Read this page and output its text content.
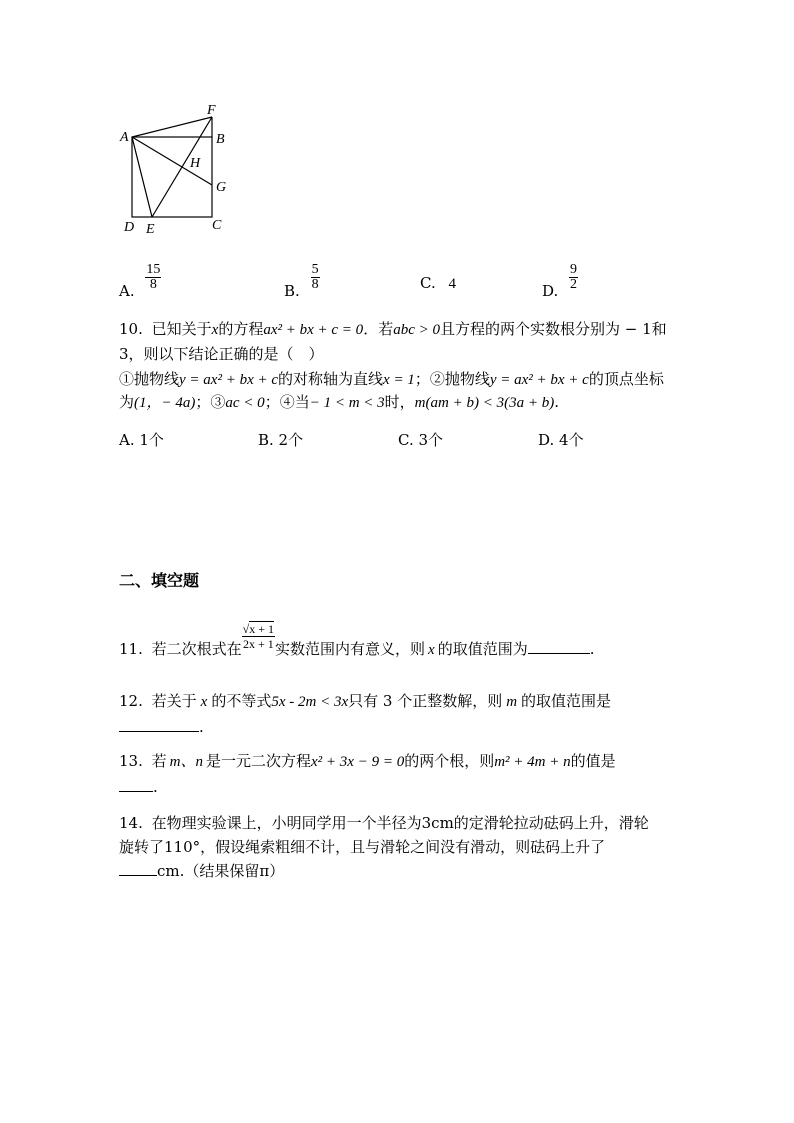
F
A	B
H
G
D E	C
A. $\frac{15}{8}$	B. $\frac{5}{8}$	C. 4	D. $\frac{9}{2}$
10. 已知关于x的方程ax² + bx + c = 0．若abc > 0且方程的两个实数根分别为 − 1和
3，则以下结论正确的是（　）
①抛物线y = ax² + bx + c的对称轴为直线x = 1；②抛物线y = ax² + bx + c的顶点坐标
为(1，− 4a)；③ac < 0；④当− 1 < m < 3时，m(am + b) < 3(3a + b).
A. 1个	B. 2个	C. 3个	D. 4个
二、填空题
11. 若二次根式在 $\frac{√x + 1}{2x + 1}$ 实数范围内有意义，则 x 的取值范围为	.
12. 若关于 x 的不等式5x - 2m < 3x只有 3 个正整数解，则 m 的取值范围是
.
13. 若 m、n 是一元二次方程x² + 3x − 9 = 0的两个根，则m² + 4m + n的值是
.
14. 在物理实验课上，小明同学用一个半径为3cm的定滑轮拉动砝码上升，滑轮
旋转了110°，假设绳索粗细不计，且与滑轮之间没有滑动，则砝码上升了
cm.（结果保留π）
